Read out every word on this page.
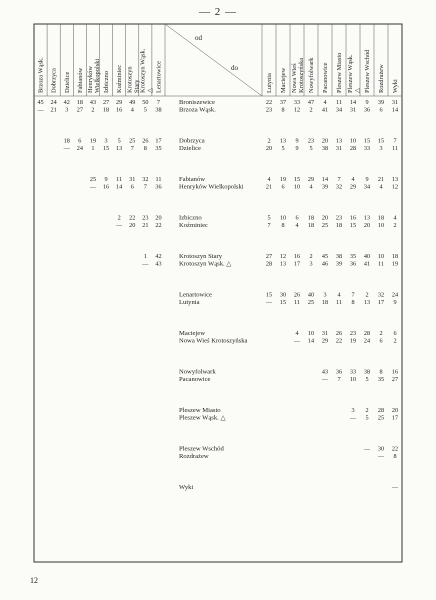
— 2 —
od
do
Brzoza Wąsk. Dobrzyca Dzielice Fabianów Henryków Wielkopolski Izbiczno Koźminiec Krotoszyn Stary Krotoszyn Wąsk. △ Lenartowice	Lutynia Maciejew Nowa Wieś Krotoszyńska Nowyfolwark Pacanowice Pleszew Miasto Pleszew Wąsk. △ Pleszew Wschód Rozdrażew Wyki
Broniszewice
Brzoza Wąsk.
45 24 42 18 43 27 29 49 50 7
— 21 3 27 2 18 16 4 5 38
22 37 33 47 4 11 14 9 39 31
23 8 12 2 41 34 31 36 6 14
Dobrzyca
Dzielice
18 6 19 3 5 25 26 17
— 24 1 15 13 7 8 35
2 13 9 23 20 13 10 15 15 7
20 5 9 5 38 31 28 33 3 11
Fabianów
Henryków Wielkopolski
25 9 11 31 32 11
— 16 14 6 7 36
4 19 15 29 14 7 4 9 21 13
21 6 10 4 39 32 29 34 4 12
Izbiczno
Koźminiec
2 22 23 20
— 20 21 22
5 10 6 18 20 23 16 13 18 4
7 8 4 18 25 18 15 20 10 2
Krotoszyn Stary
Krotoszyn Wąsk. △
1 42
— 43
27 12 16 2 45 38 35 40 10 18
28 13 17 3 46 39 36 41 11 19
Lenartowice
Lutynia
15 30 26 40 3 4 7 2 32 24
— 15 11 25 18 11 8 13 17 9
Maciejew
Nowa Wieś Krotoszyńska
4 10 31 26 23 28 2 6
— 14 29 22 19 24 6 2
Nowyfolwark
Pacanowice
43 36 33 38 8 16
— 7 10 5 35 27
Pleszew Miasto
Pleszew Wąsk. △
3 2 28 20
— 5 25 17
Pleszew Wschód
Rozdrażew
— 30 22
— 8
Wyki	—
12
